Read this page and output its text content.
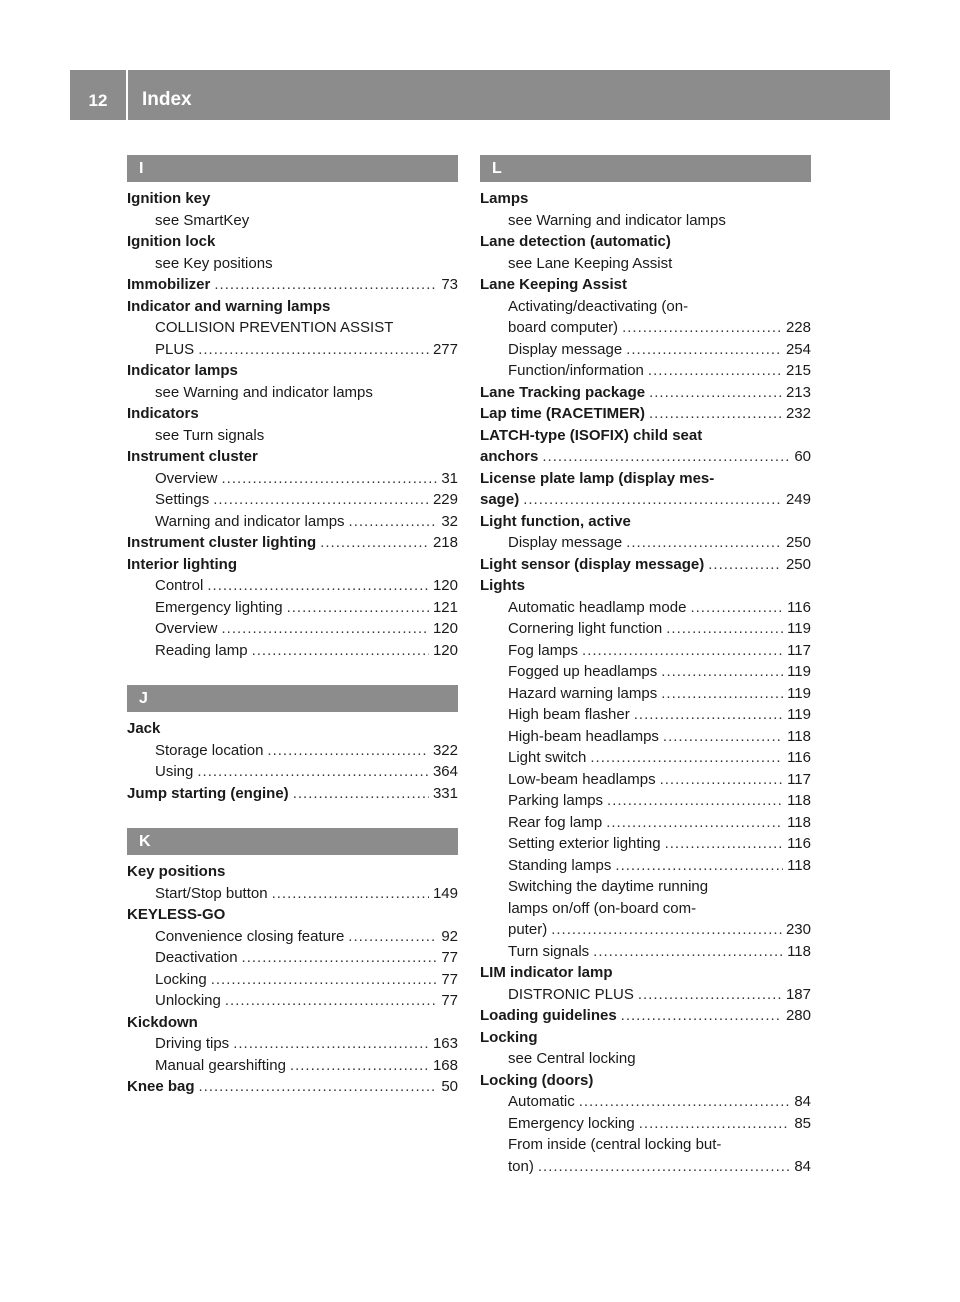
12	Index
I
Ignition key
see SmartKey
Ignition lock
see Key positions
Immobilizer .....	73
Indicator and warning lamps
COLLISION PREVENTION ASSIST
PLUS .....	277
Indicator lamps
see Warning and indicator lamps
Indicators
see Turn signals
Instrument cluster
Overview .....	31
Settings .....	229
Warning and indicator lamps .....	32
Instrument cluster lighting .....	218
Interior lighting
Control .....	120
Emergency lighting .....	121
Overview .....	120
Reading lamp .....	120
J
Jack
Storage location .....	322
Using .....	364
Jump starting (engine) .....	331
K
Key positions
Start/Stop button .....	149
KEYLESS-GO
Convenience closing feature .....	92
Deactivation .....	77
Locking .....	77
Unlocking .....	77
Kickdown
Driving tips .....	163
Manual gearshifting .....	168
Knee bag .....	50
L
Lamps
see Warning and indicator lamps
Lane detection (automatic)
see Lane Keeping Assist
Lane Keeping Assist
Activating/deactivating (on-
board computer) .....	228
Display message .....	254
Function/information .....	215
Lane Tracking package .....	213
Lap time (RACETIMER) .....	232
LATCH-type (ISOFIX) child seat
anchors .....	60
License plate lamp (display mes-
sage) .....	249
Light function, active
Display message .....	250
Light sensor (display message) .....	250
Lights
Automatic headlamp mode .....	116
Cornering light function .....	119
Fog lamps .....	117
Fogged up headlamps .....	119
Hazard warning lamps .....	119
High beam flasher .....	119
High-beam headlamps .....	118
Light switch .....	116
Low-beam headlamps .....	117
Parking lamps .....	118
Rear fog lamp .....	118
Setting exterior lighting .....	116
Standing lamps .....	118
Switching the daytime running
lamps on/off (on-board com-
puter) .....	230
Turn signals .....	118
LIM indicator lamp
DISTRONIC PLUS .....	187
Loading guidelines .....	280
Locking
see Central locking
Locking (doors)
Automatic .....	84
Emergency locking .....	85
From inside (central locking but-
ton) .....	84
